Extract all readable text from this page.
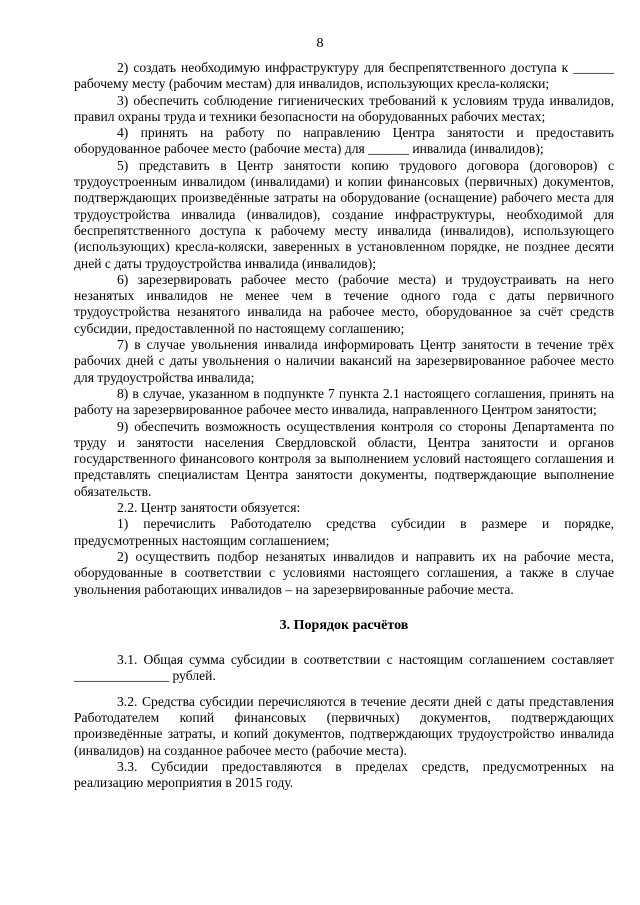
8

2) создать необходимую инфраструктуру для беспрепятственного доступа к ______ рабочему месту (рабочим местам) для инвалидов, использующих кресла-коляски;

3) обеспечить соблюдение гигиенических требований к условиям труда инвалидов, правил охраны труда и техники безопасности на оборудованных рабочих местах;

4) принять на работу по направлению Центра занятости и предоставить оборудованное рабочее место (рабочие места) для ______ инвалида (инвалидов);

5) представить в Центр занятости копию трудового договора (договоров) с трудоустроенным инвалидом (инвалидами) и копии финансовых (первичных) документов, подтверждающих произведённые затраты на оборудование (оснащение) рабочего места для трудоустройства инвалида (инвалидов), создание инфраструктуры, необходимой для беспрепятственного доступа к рабочему месту инвалида (инвалидов), использующего (использующих) кресла-коляски, заверенных в установленном порядке, не позднее десяти дней с даты трудоустройства инвалида (инвалидов);

6) зарезервировать рабочее место (рабочие места) и трудоустраивать на него незанятых инвалидов не менее чем в течение одного года с даты первичного трудоустройства незанятого инвалида на рабочее место, оборудованное за счёт средств субсидии, предоставленной по настоящему соглашению;

7) в случае увольнения инвалида информировать Центр занятости в течение трёх рабочих дней с даты увольнения о наличии вакансий на зарезервированное рабочее место для трудоустройства инвалида;

8) в случае, указанном в подпункте 7 пункта 2.1 настоящего соглашения, принять на работу на зарезервированное рабочее место инвалида, направленного Центром занятости;

9) обеспечить возможность осуществления контроля со стороны Департамента по труду и занятости населения Свердловской области, Центра занятости и органов государственного финансового контроля за выполнением условий настоящего соглашения и представлять специалистам Центра занятости документы, подтверждающие выполнение обязательств.

2.2. Центр занятости обязуется:

1) перечислить Работодателю средства субсидии в размере и порядке, предусмотренных настоящим соглашением;

2) осуществить подбор незанятых инвалидов и направить их на рабочие места, оборудованные в соответствии с условиями настоящего соглашения, а также в случае увольнения работающих инвалидов – на зарезервированные рабочие места.

3. Порядок расчётов

3.1. Общая сумма субсидии в соответствии с настоящим соглашением составляет ______________ рублей.

3.2. Средства субсидии перечисляются в течение десяти дней с даты представления Работодателем копий финансовых (первичных) документов, подтверждающих произведённые затраты, и копий документов, подтверждающих трудоустройство инвалида (инвалидов) на созданное рабочее место (рабочие места).

3.3. Субсидии предоставляются в пределах средств, предусмотренных на реализацию мероприятия в 2015 году.
